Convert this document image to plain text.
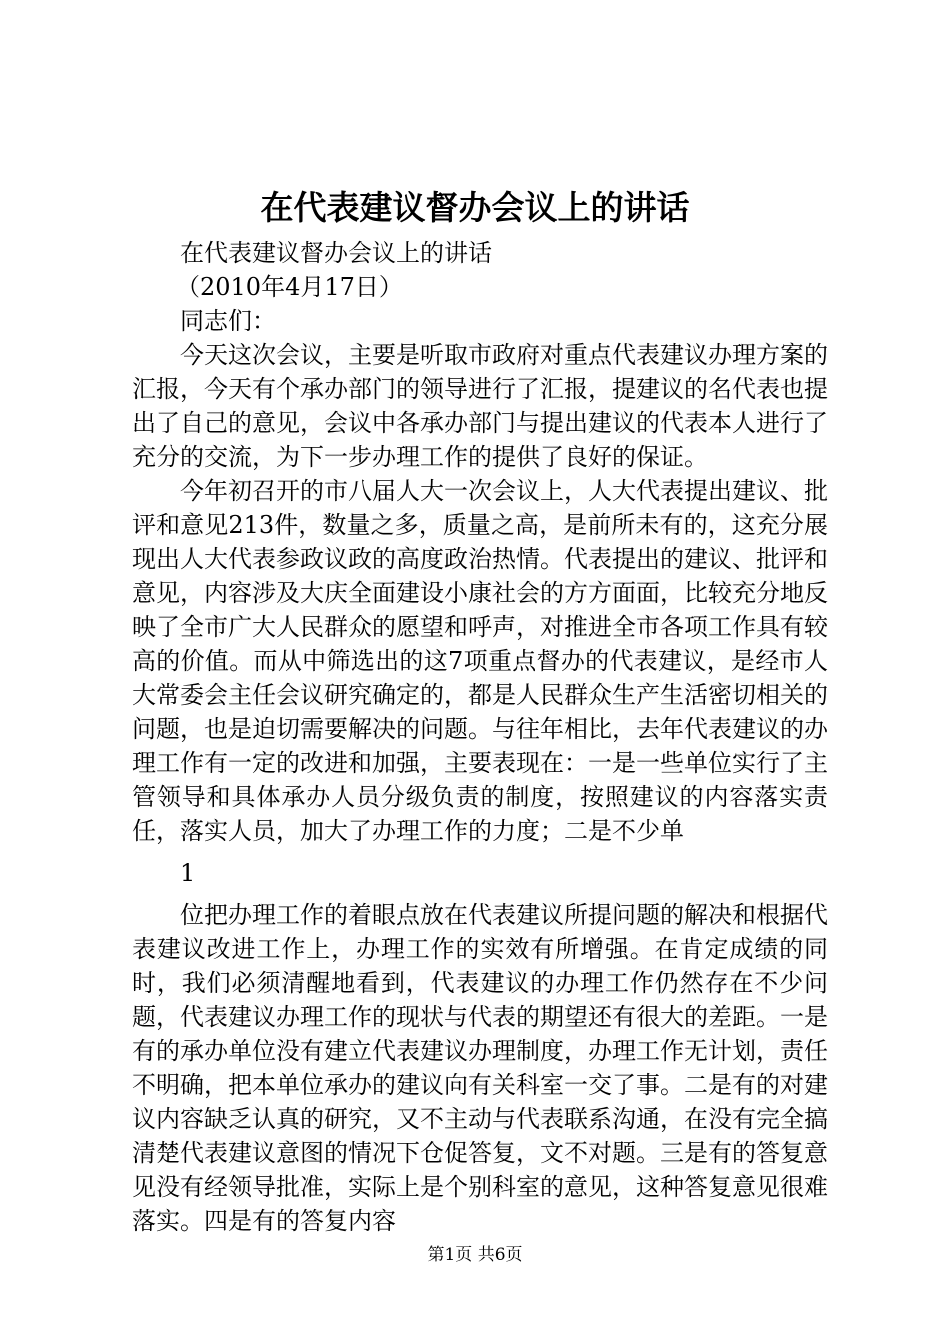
在代表建议督办会议上的讲话
在代表建议督办会议上的讲话
（2010年4月17日）
同志们：
今天这次会议，主要是听取市政府对重点代表建议办理方案的汇报，今天有个承办部门的领导进行了汇报，提建议的名代表也提出了自己的意见，会议中各承办部门与提出建议的代表本人进行了充分的交流，为下一步办理工作的提供了良好的保证。
今年初召开的市八届人大一次会议上，人大代表提出建议、批评和意见213件，数量之多，质量之高，是前所未有的，这充分展现出人大代表参政议政的高度政治热情。代表提出的建议、批评和意见，内容涉及大庆全面建设小康社会的方方面面，比较充分地反映了全市广大人民群众的愿望和呼声，对推进全市各项工作具有较高的价值。而从中筛选出的这7项重点督办的代表建议，是经市人大常委会主任会议研究确定的，都是人民群众生产生活密切相关的问题，也是迫切需要解决的问题。与往年相比，去年代表建议的办理工作有一定的改进和加强，主要表现在：一是一些单位实行了主管领导和具体承办人员分级负责的制度，按照建议的内容落实责任，落实人员，加大了办理工作的力度；二是不少单
1
位把办理工作的着眼点放在代表建议所提问题的解决和根据代表建议改进工作上，办理工作的实效有所增强。在肯定成绩的同时，我们必须清醒地看到，代表建议的办理工作仍然存在不少问题，代表建议办理工作的现状与代表的期望还有很大的差距。一是有的承办单位没有建立代表建议办理制度，办理工作无计划，责任不明确，把本单位承办的建议向有关科室一交了事。二是有的对建议内容缺乏认真的研究，又不主动与代表联系沟通，在没有完全搞清楚代表建议意图的情况下仓促答复，文不对题。三是有的答复意见没有经领导批准，实际上是个别科室的意见，这种答复意见很难落实。四是有的答复内容
第1页 共6页
